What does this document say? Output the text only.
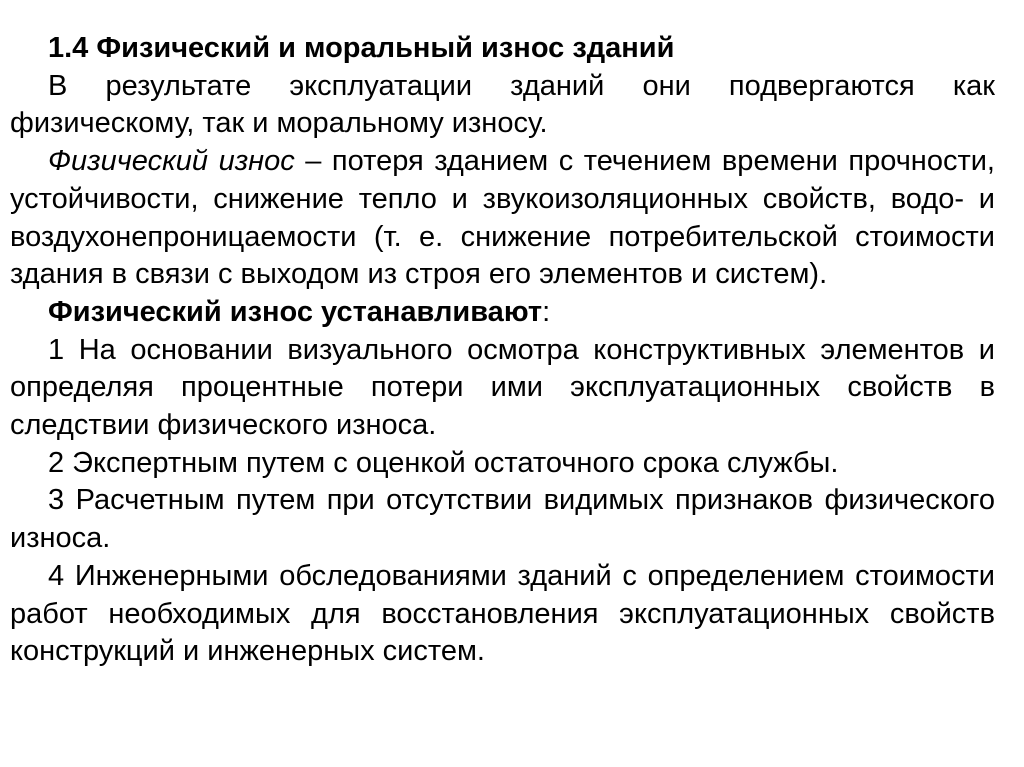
1.4 Физический и моральный износ зданий

В результате эксплуатации зданий они подвергаются как физическому, так и моральному износу.

Физический износ – потеря зданием с течением времени прочности, устойчивости, снижение тепло и звукоизоляционных свойств, водо- и воздухонепроницаемости (т. е. снижение потребительской стоимости здания в связи с выходом из строя его элементов и систем).

Физический износ устанавливают:

1 На основании визуального осмотра конструктивных элементов и определяя процентные потери ими эксплуатационных свойств в следствии физического износа.

2 Экспертным путем с оценкой остаточного срока службы.

3 Расчетным путем при отсутствии видимых признаков физического износа.

4 Инженерными обследованиями зданий с определением стоимости работ необходимых для восстановления эксплуатационных свойств конструкций и инженерных систем.
